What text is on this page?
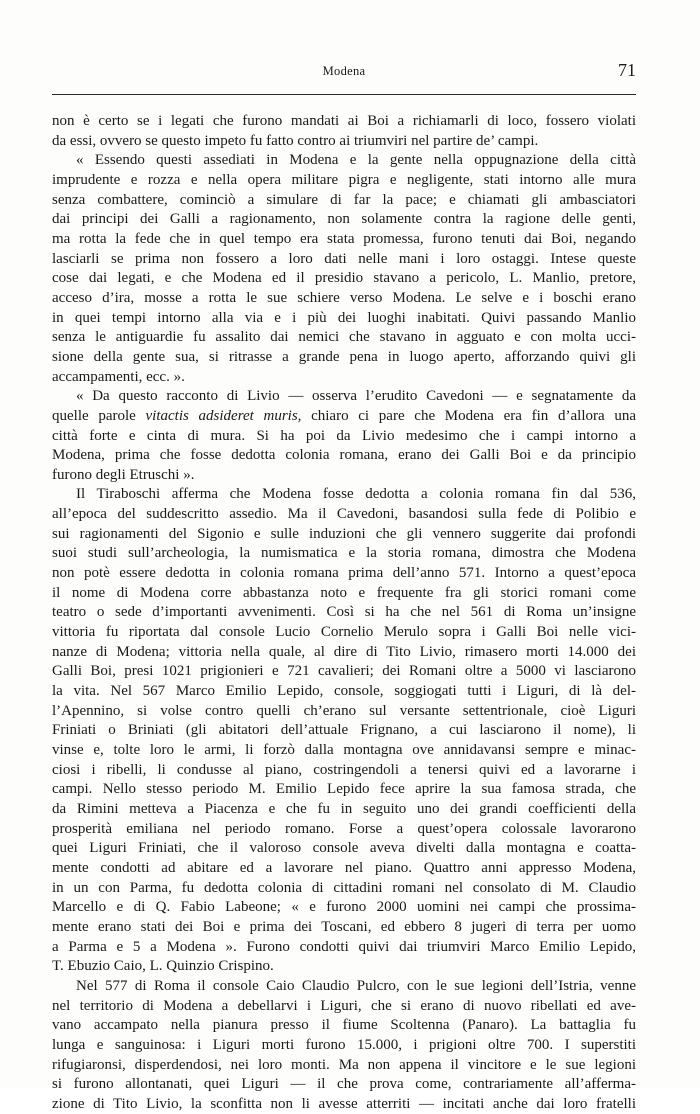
Modena	71

non è certo se i legati che furono mandati ai Boi a richiamarli di loco, fossero violati

da essi, ovvero se questo impeto fu fatto contro ai triumviri nel partire de’ campi.

« Essendo questi assediati in Modena e la gente nella oppugnazione della città

imprudente e rozza e nella opera militare pigra e negligente, stati intorno alle mura

senza combattere, cominciò a simulare di far la pace; e chiamati gli ambasciatori

dai principi dei Galli a ragionamento, non solamente contra la ragione delle genti,

ma rotta la fede che in quel tempo era stata promessa, furono tenuti dai Boi, negando

lasciarli se prima non fossero a loro dati nelle mani i loro ostaggi. Intese queste

cose dai legati, e che Modena ed il presidio stavano a pericolo, L. Manlio, pretore,

acceso d’ira, mosse a rotta le sue schiere verso Modena. Le selve e i boschi erano

in quei tempi intorno alla via e i più dei luoghi inabitati. Quivi passando Manlio

senza le antiguardie fu assalito dai nemici che stavano in agguato e con molta ucci-

sione della gente sua, si ritrasse a grande pena in luogo aperto, afforzando quivi gli

accampamenti, ecc. ».

« Da questo racconto di Livio — osserva l’erudito Cavedoni — e segnatamente da

quelle parole vitactis adsideret muris, chiaro ci pare che Modena era fin d’allora una

città forte e cinta di mura. Si ha poi da Livio medesimo che i campi intorno a

Modena, prima che fosse dedotta colonia romana, erano dei Galli Boi e da principio

furono degli Etruschi ».

Il Tiraboschi afferma che Modena fosse dedotta a colonia romana fin dal 536,

all’epoca del suddescritto assedio. Ma il Cavedoni, basandosi sulla fede di Polibio e

sui ragionamenti del Sigonio e sulle induzioni che gli vennero suggerite dai profondi

suoi studi sull’archeologia, la numismatica e la storia romana, dimostra che Modena

non potè essere dedotta in colonia romana prima dell’anno 571. Intorno a quest’epoca

il nome di Modena corre abbastanza noto e frequente fra gli storici romani come

teatro o sede d’importanti avvenimenti. Così si ha che nel 561 di Roma un’insigne

vittoria fu riportata dal console Lucio Cornelio Merulo sopra i Galli Boi nelle vici-

nanze di Modena; vittoria nella quale, al dire di Tito Livio, rimasero morti 14.000 dei

Galli Boi, presi 1021 prigionieri e 721 cavalieri; dei Romani oltre a 5000 vi lasciarono

la vita. Nel 567 Marco Emilio Lepido, console, soggiogati tutti i Liguri, di là del-

l’Apennino, si volse contro quelli ch’erano sul versante settentrionale, cioè Liguri

Friniati o Briniati (gli abitatori dell’attuale Frignano, a cui lasciarono il nome), li

vinse e, tolte loro le armi, li forzò dalla montagna ove annidavansi sempre e minac-

ciosi i ribelli, li condusse al piano, costringendoli a tenersi quivi ed a lavorarne i

campi. Nello stesso periodo M. Emilio Lepido fece aprire la sua famosa strada, che

da Rimini metteva a Piacenza e che fu in seguito uno dei grandi coefficienti della

prosperità emiliana nel periodo romano. Forse a quest’opera colossale lavorarono

quei Liguri Friniati, che il valoroso console aveva divelti dalla montagna e coatta-

mente condotti ad abitare ed a lavorare nel piano. Quattro anni appresso Modena,

in un con Parma, fu dedotta colonia di cittadini romani nel consolato di M. Claudio

Marcello e di Q. Fabio Labeone; « e furono 2000 uomini nei campi che prossima-

mente erano stati dei Boi e prima dei Toscani, ed ebbero 8 jugeri di terra per uomo

a Parma e 5 a Modena ». Furono condotti quivi dai triumviri Marco Emilio Lepido,

T. Ebuzio Caio, L. Quinzio Crispino.

Nel 577 di Roma il console Caio Claudio Pulcro, con le sue legioni dell’Istria, venne

nel territorio di Modena a debellarvi i Liguri, che si erano di nuovo ribellati ed ave-

vano accampato nella pianura presso il fiume Scoltenna (Panaro). La battaglia fu

lunga e sanguinosa: i Liguri morti furono 15.000, i prigioni oltre 700. I superstiti

rifugiaronsi, disperdendosi, nei loro monti. Ma non appena il vincitore e le sue legioni

si furono allontanati, quei Liguri — il che prova come, contrariamente all’afferma-

zione di Tito Livio, la sconfitta non li avesse atterriti — incitati anche dai loro fratelli
